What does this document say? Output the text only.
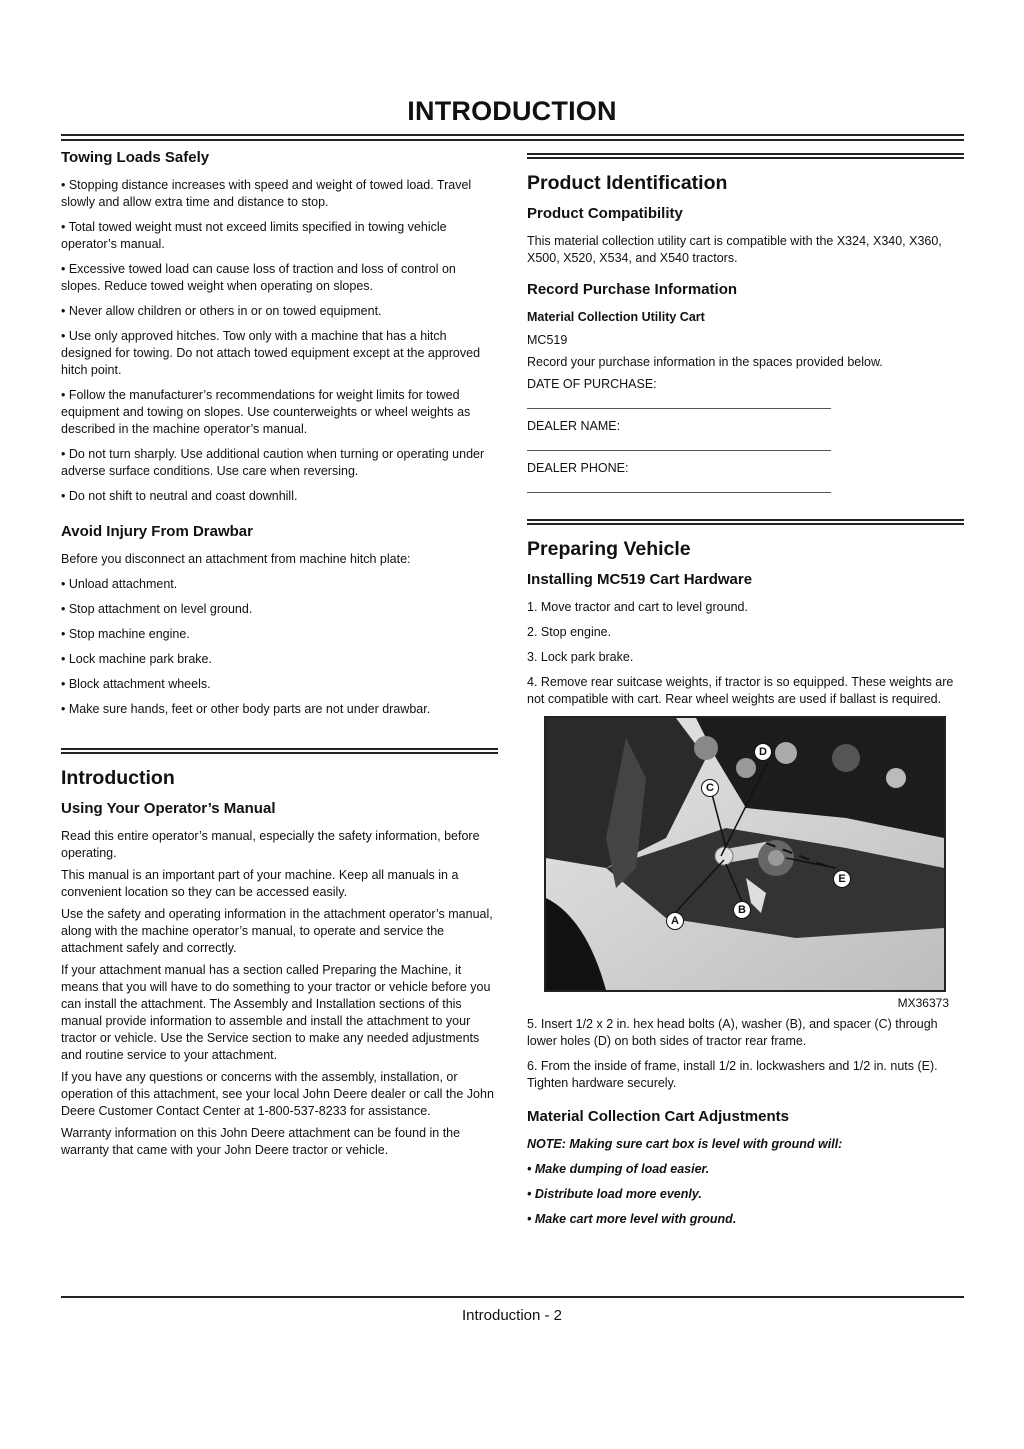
INTRODUCTION
Towing Loads Safely

• Stopping distance increases with speed and weight of towed load. Travel slowly and allow extra time and distance to stop.

• Total towed weight must not exceed limits specified in towing vehicle operator’s manual.

• Excessive towed load can cause loss of traction and loss of control on slopes. Reduce towed weight when operating on slopes.

• Never allow children or others in or on towed equipment.

• Use only approved hitches. Tow only with a machine that has a hitch designed for towing. Do not attach towed equipment except at the approved hitch point.

• Follow the manufacturer’s recommendations for weight limits for towed equipment and towing on slopes. Use counterweights or wheel weights as described in the machine operator’s manual.

• Do not turn sharply. Use additional caution when turning or operating under adverse surface conditions. Use care when reversing.

• Do not shift to neutral and coast downhill.

Avoid Injury From Drawbar

Before you disconnect an attachment from machine hitch plate:

• Unload attachment.

• Stop attachment on level ground.

• Stop machine engine.

• Lock machine park brake.

• Block attachment wheels.

• Make sure hands, feet or other body parts are not under drawbar.

Introduction
Using Your Operator’s Manual

Read this entire operator’s manual, especially the safety information, before operating.

This manual is an important part of your machine. Keep all manuals in a convenient location so they can be accessed easily.

Use the safety and operating information in the attachment operator’s manual, along with the machine operator’s manual, to operate and service the attachment safely and correctly.

If your attachment manual has a section called Preparing the Machine, it means that you will have to do something to your tractor or vehicle before you can install the attachment. The Assembly and Installation sections of this manual provide information to assemble and install the attachment to your tractor or vehicle. Use the Service section to make any needed adjustments and routine service to your attachment.

If you have any questions or concerns with the assembly, installation, or operation of this attachment, see your local John Deere dealer or call the John Deere Customer Contact Center at 1-800-537-8233 for assistance.

Warranty information on this John Deere attachment can be found in the warranty that came with your John Deere tractor or vehicle.

Product Identification
Product Compatibility

This material collection utility cart is compatible with the X324, X340, X360, X500, X520, X534, and X540 tractors.

Record Purchase Information
Material Collection Utility Cart

MC519

Record your purchase information in the spaces provided below.

DATE OF PURCHASE:

DEALER NAME:

DEALER PHONE:

Preparing Vehicle
Installing MC519 Cart Hardware

1. Move tractor and cart to level ground.

2. Stop engine.

3. Lock park brake.

4. Remove rear suitcase weights, if tractor is so equipped. These weights are not compatible with cart. Rear wheel weights are used if ballast is required.

D
C
E
B
A
MX36373

5. Insert 1/2 x 2 in. hex head bolts (A), washer (B), and spacer (C) through lower holes (D) on both sides of tractor rear frame.

6. From the inside of frame, install 1/2 in. lockwashers and 1/2 in. nuts (E). Tighten hardware securely.

Material Collection Cart Adjustments

NOTE: Making sure cart box is level with ground will:

• Make dumping of load easier.

• Distribute load more evenly.

• Make cart more level with ground.

Introduction - 2
